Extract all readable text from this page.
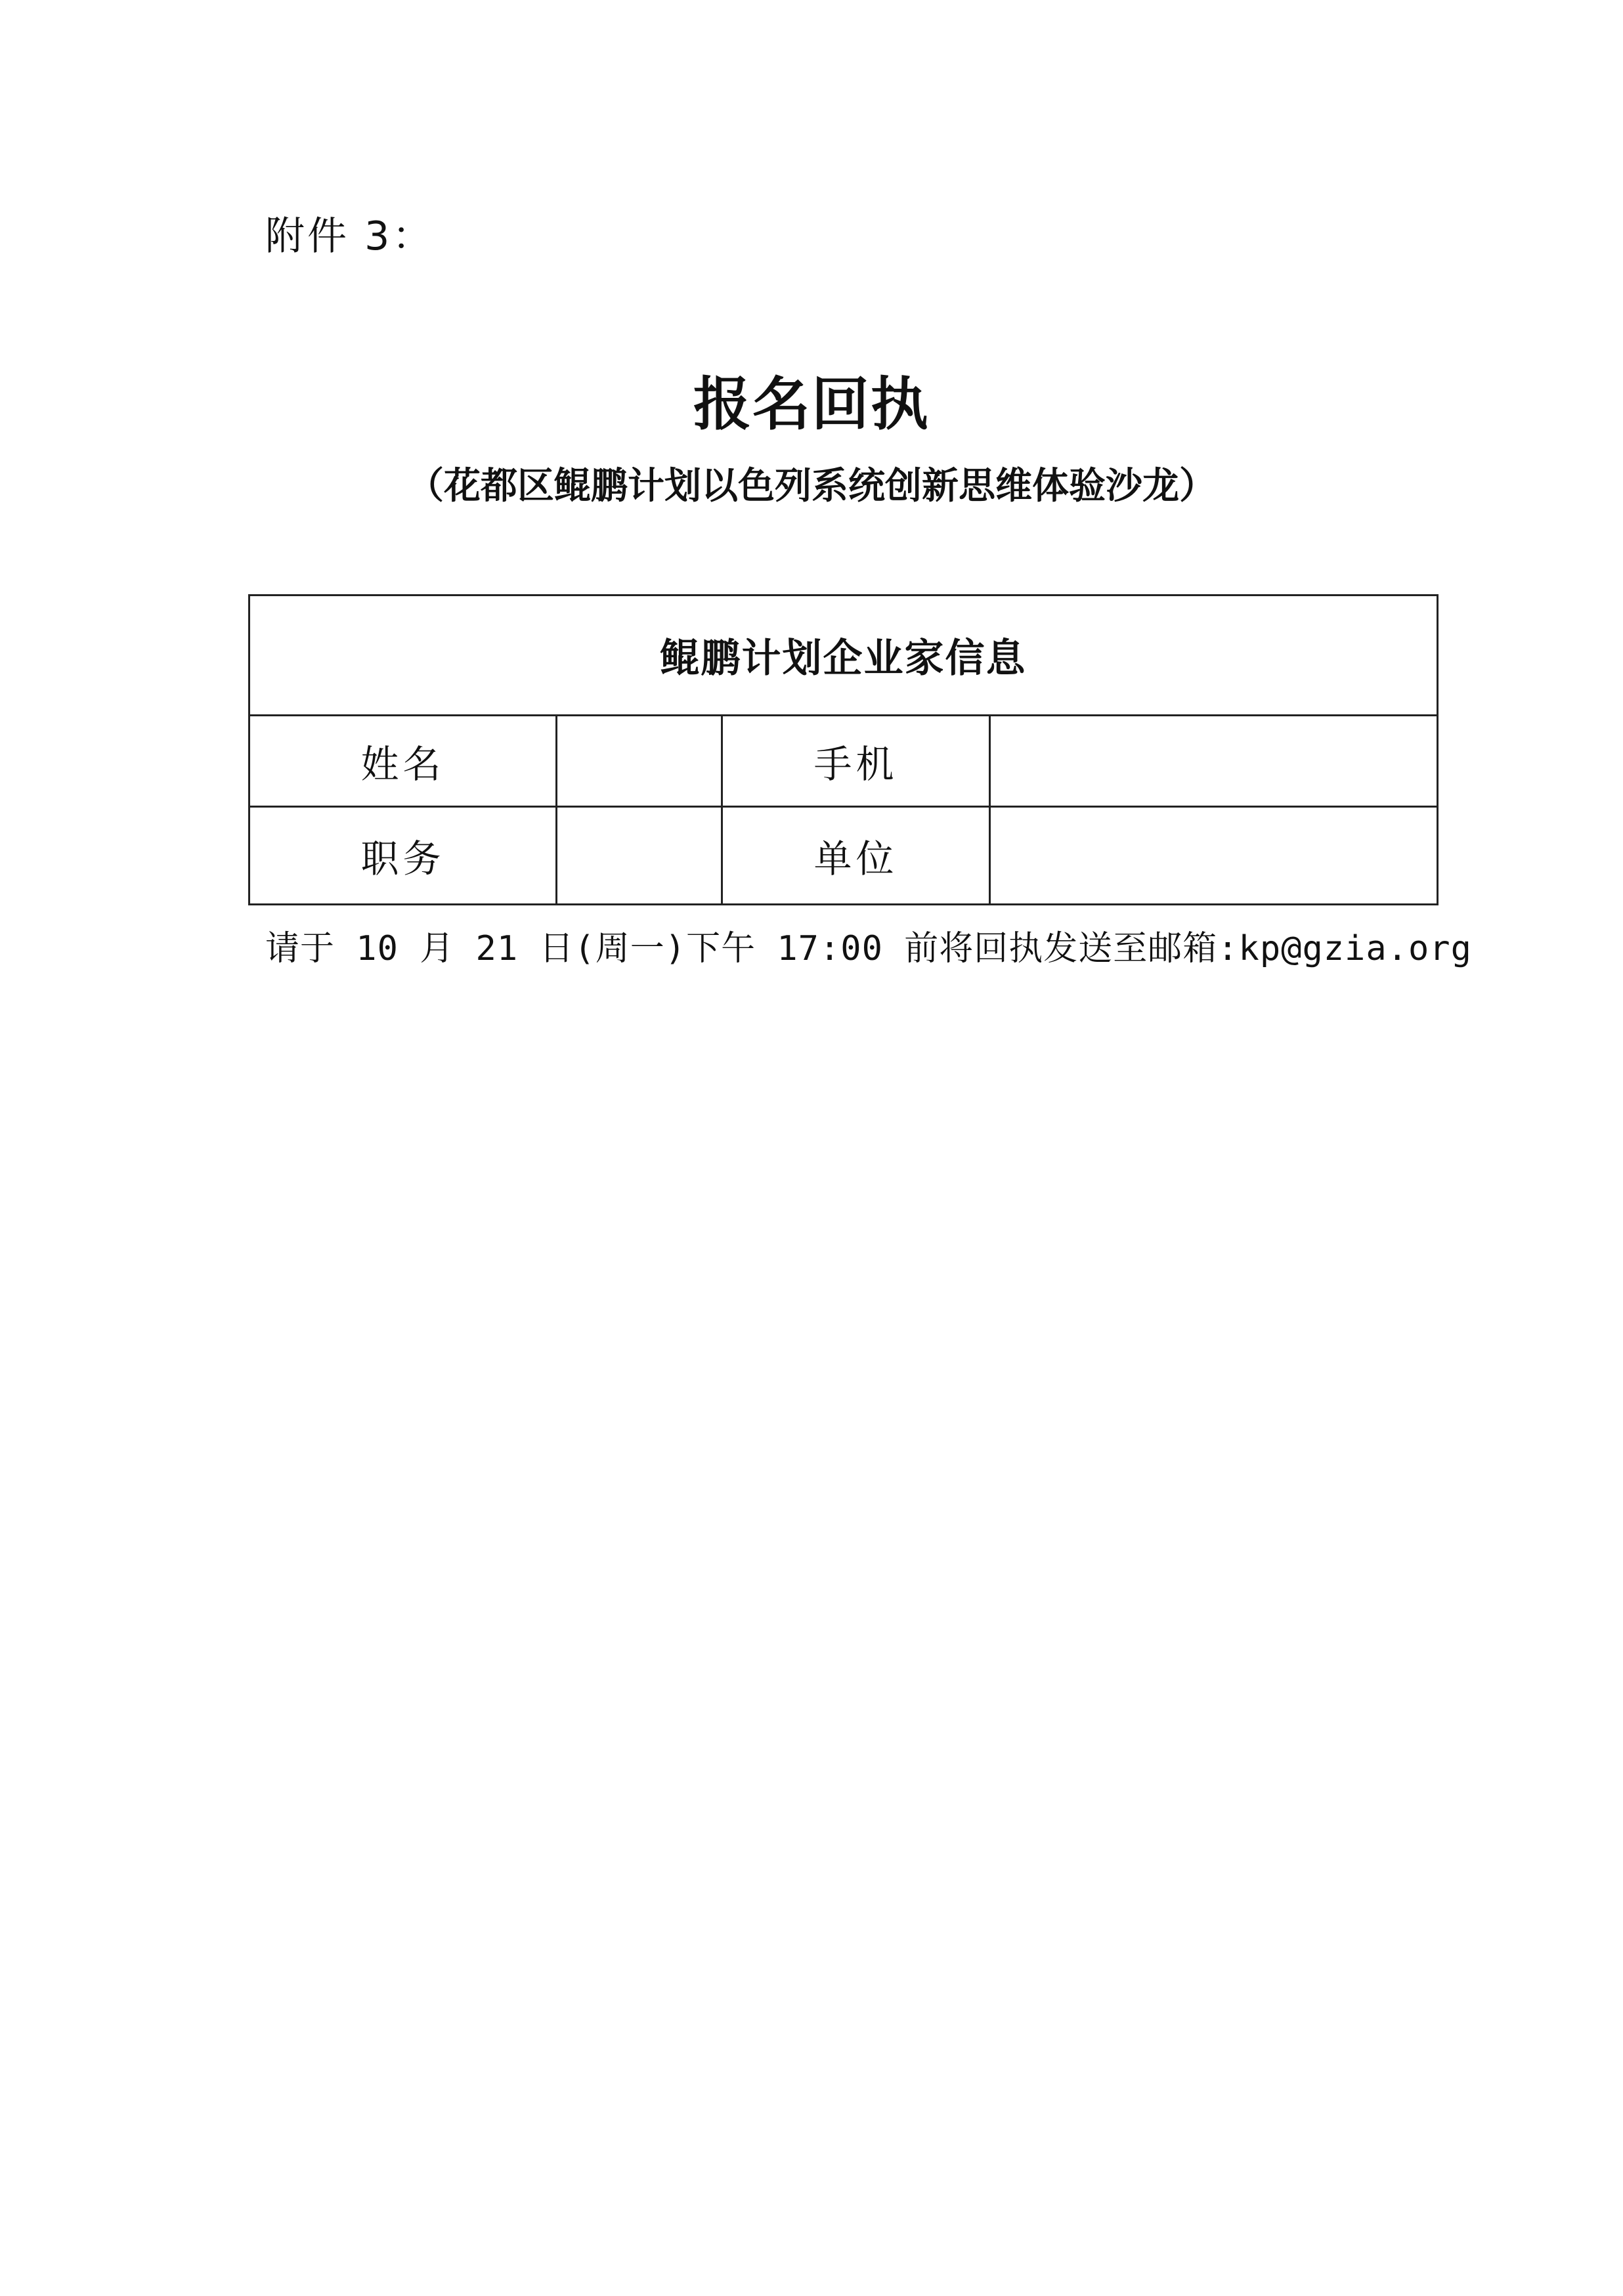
附件 3：
报名回执
（花都区鲲鹏计划以色列系统创新思维体验沙龙）
鲲鹏计划企业家信息			
姓名		手机	
职务		单位	
请于 10 月 21 日(周一)下午 17:00 前将回执发送至邮箱:kp@gzia.org
